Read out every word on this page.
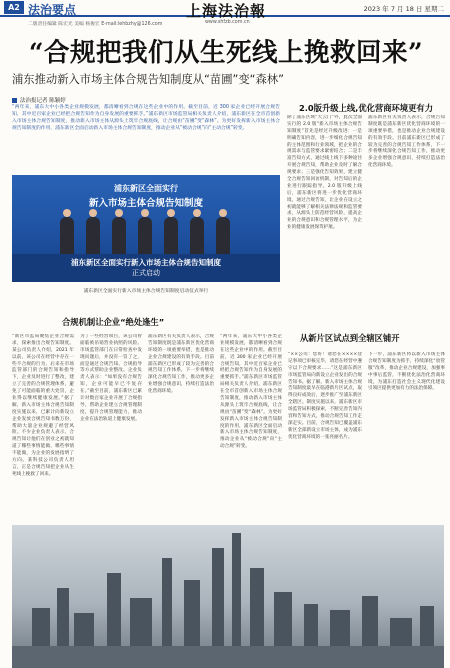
A2 法治要点	上海法治報	2023 年 7 月 18 日 星期二
二版责任编辑 陈宏光 美编 杨俊宏 E-mail:lehbzhy@126.com	www.shfzb.com.cn
“合规把我们从生死线上挽救回来”
浦东推动新入市场主体合规告知制度从“苗圃”变“森林”
法治报记者 陈颖婷
“两年来，浦东大中小各类企业规模发展，都清晰看到合规在这些企业中的作用。截至目前，近 300 家企业已经开展合规告知，其中近百家企业已经把合规告知作为自身发展的重要抓手。”浦东新区市场监管局相关负责人介绍，浦东新区在全市首创新入市场主体合规告知制度，推动新入市场主体从源头上筑牢合规底线，让合规由“苗圃”变“森林”。为更好发挥新入市场主体合规告知制度的作用，浦东新区全面启动新入市场主体合规告知制度，推动企业从“被动合规”向“主动合规”转变。
2.0版升级上线,优化营商环境更有力
除了浦东区域“大云门”外，此次全面实行的 2.0 版“新入市场主体合规告知制度”首先是经过升级改进：一是明确告知内容，进一步细化合规告知的主体范围和行业领域，把企业的合规需求与监管要求紧密结合；二是丰富告知方式，通过线上线下多种途径开展合规告知，帮助企业及时了解合规要求；三是强化告知效果，建立健全合规告知回访机制，对告知后的企业进行跟踪指导。2.0 版升级上线后，浦东新区将进一步优化营商环境，通过合规告知，让企业在设立之初就能够了解相关法律法规和监管要求，从源头上防范经营风险，提高企业的合规意识和合规管理水平，为企业的健康发展保驾护航。
浦东新区有关负责人表示，合规告知制度既是浦东新区优化营商环境的一项重要举措，也是推动企业合规建设的有效手段。目前浦东新区已形成了较为完善的合规告知工作体系，下一步将继续深化合规告知工作，推动更多企业增强合规意识，持续打造法治化营商环境。
浦东新区全面实行
新入市场主体合规告知制度
浦东新区全面实行新入市场主体合规告知制度
正式启动
浦东新区全面实行新入市场主体合规告知制度启动仪式举行
合规机制让企业“绝处逢生”
从新片区试点到全辖区铺开
“新区市监局聚焦企业合规需求，探索推出合规告知制度。某公司负责人介绍，2021 年以前，该公司在经营中存在一些不合规的行为，后来在市场监管部门的合规告知和指导下，企业及时进行了整改，建立了完善的合规管理体系，避免了可能面临的重大处罚，企业得以继续健康发展。”据了解，新入市场主体合规告知制度实施以来，已累计向新设立企业发放合规告知书数万份，帮助大量企业规避了经营风险。不少企业负责人表示，合规告知让他们在创业之初就知道了哪些事情能做、哪些事情不能做，为企业的发展指明了方向。某科技公司负责人坦言，正是合规告知把企业从生死线上挽救了回来。
为了一些经营项目，该公司曾面临被吊销营业执照的风险。市场监管部门在日常检查中发现问题后，并没有一罚了之，而是通过合规告知、合规指导等方式帮助企业整改。企业负责人表示：“如果没有合规告知，企业可能早已不复存在。”截至目前，浦东新区已累计对数百家企业开展了合规指导，帮助企业建立合规管理制度，提升合规管理能力，推动企业在法治轨道上健康发展。
浦东新区有关负责人表示，合规告知制度既是浦东新区优化营商环境的一项重要举措，也是推动企业合规建设的有效手段。目前浦东新区已形成了较为完善的合规告知工作体系，下一步将继续深化合规告知工作，推动更多企业增强合规意识，持续打造法治化营商环境。
“两年来，浦东大中小各类企业规模发展，都清晰看到合规在这些企业中的作用。截至目前，近 300 家企业已经开展合规告知，其中近百家企业已经把合规告知作为自身发展的重要抓手。”浦东新区市场监管局相关负责人介绍，浦东新区在全市首创新入市场主体合规告知制度，推动新入市场主体从源头上筑牢合规底线，让合规由“苗圃”变“森林”。为更好发挥新入市场主体合规告知制度的作用，浦东新区全面启动新入市场主体合规告知制度，推动企业从“被动合规”向“主动合规”转变。
“××公司：您好！请您在××××登记事项已审核完毕，请您在经营中遵守以下合规要求……”这是浦东新区市场监管局向新设立企业发出的合规告知书。据了解，新入市场主体合规告知制度最早在临港新片区试点，取得良好成效后，逐步推广至浦东新区全辖区。制度实施以来，浦东新区市场监管局积极探索，不断完善告知内容和告知方式，推动合规告知工作走深走实。目前，合规告知已覆盖浦东新区全部新设立市场主体，成为浦东优化营商环境的一张亮丽名片。
下一步，浦东新区将以新入市场主体合规告知制度为抓手，持续深化“放管服”改革，推动企业合规建设，加强事中事后监管，不断优化法治化营商环境，为浦东打造社会主义现代化建设引领区提供更加有力的法治保障。
